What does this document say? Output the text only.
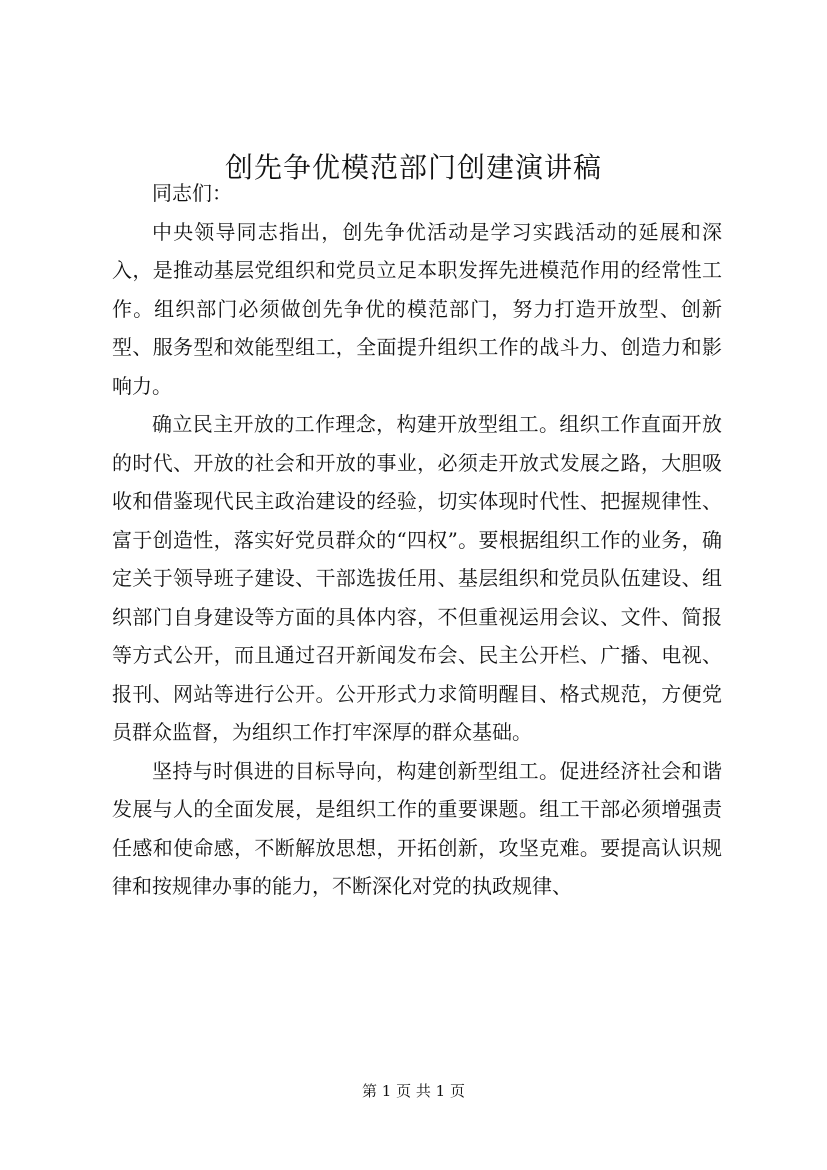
创先争优模范部门创建演讲稿

同志们：

中央领导同志指出，创先争优活动是学习实践活动的延展和深入，是推动基层党组织和党员立足本职发挥先进模范作用的经常性工作。组织部门必须做创先争优的模范部门，努力打造开放型、创新型、服务型和效能型组工，全面提升组织工作的战斗力、创造力和影响力。

确立民主开放的工作理念，构建开放型组工。组织工作直面开放的时代、开放的社会和开放的事业，必须走开放式发展之路，大胆吸收和借鉴现代民主政治建设的经验，切实体现时代性、把握规律性、富于创造性，落实好党员群众的“四权”。要根据组织工作的业务，确定关于领导班子建设、干部选拔任用、基层组织和党员队伍建设、组织部门自身建设等方面的具体内容，不但重视运用会议、文件、简报等方式公开，而且通过召开新闻发布会、民主公开栏、广播、电视、报刊、网站等进行公开。公开形式力求简明醒目、格式规范，方便党员群众监督，为组织工作打牢深厚的群众基础。

坚持与时俱进的目标导向，构建创新型组工。促进经济社会和谐发展与人的全面发展，是组织工作的重要课题。组工干部必须增强责任感和使命感，不断解放思想，开拓创新，攻坚克难。要提高认识规律和按规律办事的能力，不断深化对党的执政规律、

第 1 页 共 1 页
